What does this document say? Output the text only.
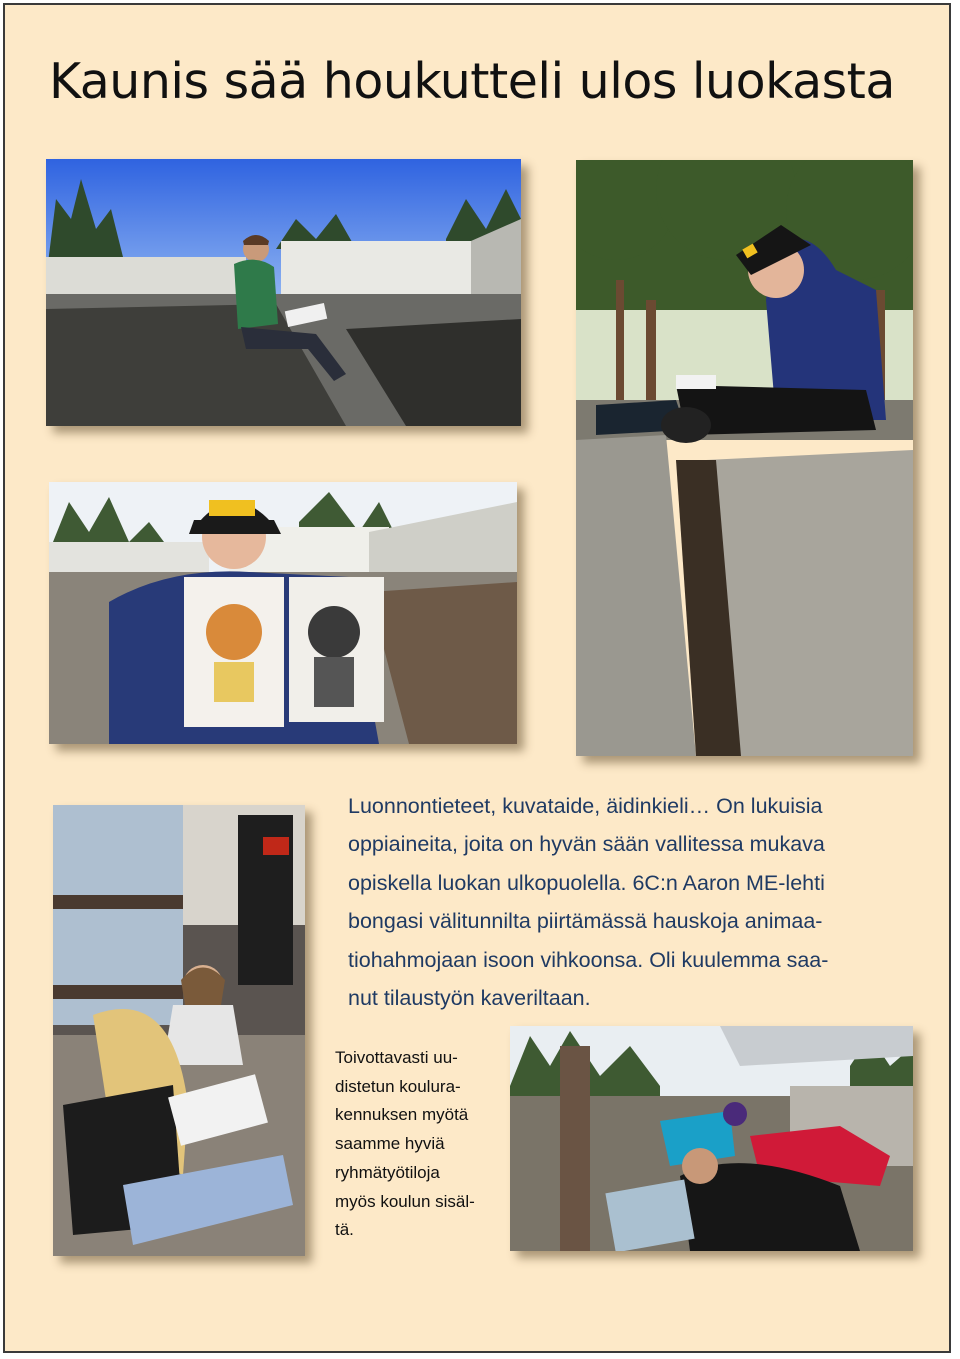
Kaunis sää houkutteli ulos luokasta
Luonnontieteet, kuvataide, äidinkieli… On lukuisia
oppiaineita, joita on hyvän sään vallitessa mukava
opiskella luokan ulkopuolella. 6C:n Aaron ME-lehti
bongasi välitunnilta piirtämässä hauskoja animaa-
tiohahmojaan isoon vihkoonsa. Oli kuulemma saa-
nut tilaustyön kaveriltaan.
Toivottavasti uu-
distetun koulura-
kennuksen myötä
saamme hyviä
ryhmätyötiloja
myös koulun sisäl-
tä.
